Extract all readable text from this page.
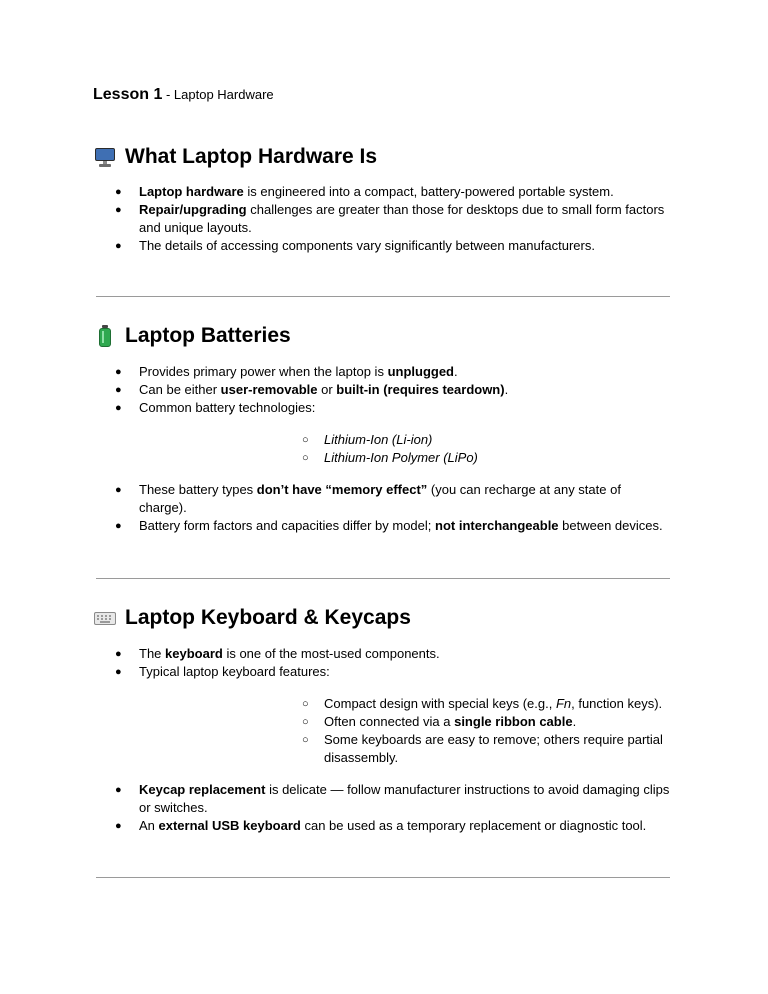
Lesson 1 - Laptop Hardware
What Laptop Hardware Is
● Laptop hardware is engineered into a compact, battery-powered portable system.
● Repair/upgrading challenges are greater than those for desktops due to small form factors and unique layouts.
● The details of accessing components vary significantly between manufacturers.
Laptop Batteries
● Provides primary power when the laptop is unplugged.
● Can be either user-removable or built-in (requires teardown).
● Common battery technologies:
○ Lithium-Ion (Li-ion)
○ Lithium-Ion Polymer (LiPo)
● These battery types don’t have “memory effect” (you can recharge at any state of charge).
● Battery form factors and capacities differ by model; not interchangeable between devices.
Laptop Keyboard & Keycaps
● The keyboard is one of the most-used components.
● Typical laptop keyboard features:
○ Compact design with special keys (e.g., Fn, function keys).
○ Often connected via a single ribbon cable.
○ Some keyboards are easy to remove; others require partial disassembly.
● Keycap replacement is delicate — follow manufacturer instructions to avoid damaging clips or switches.
● An external USB keyboard can be used as a temporary replacement or diagnostic tool.
